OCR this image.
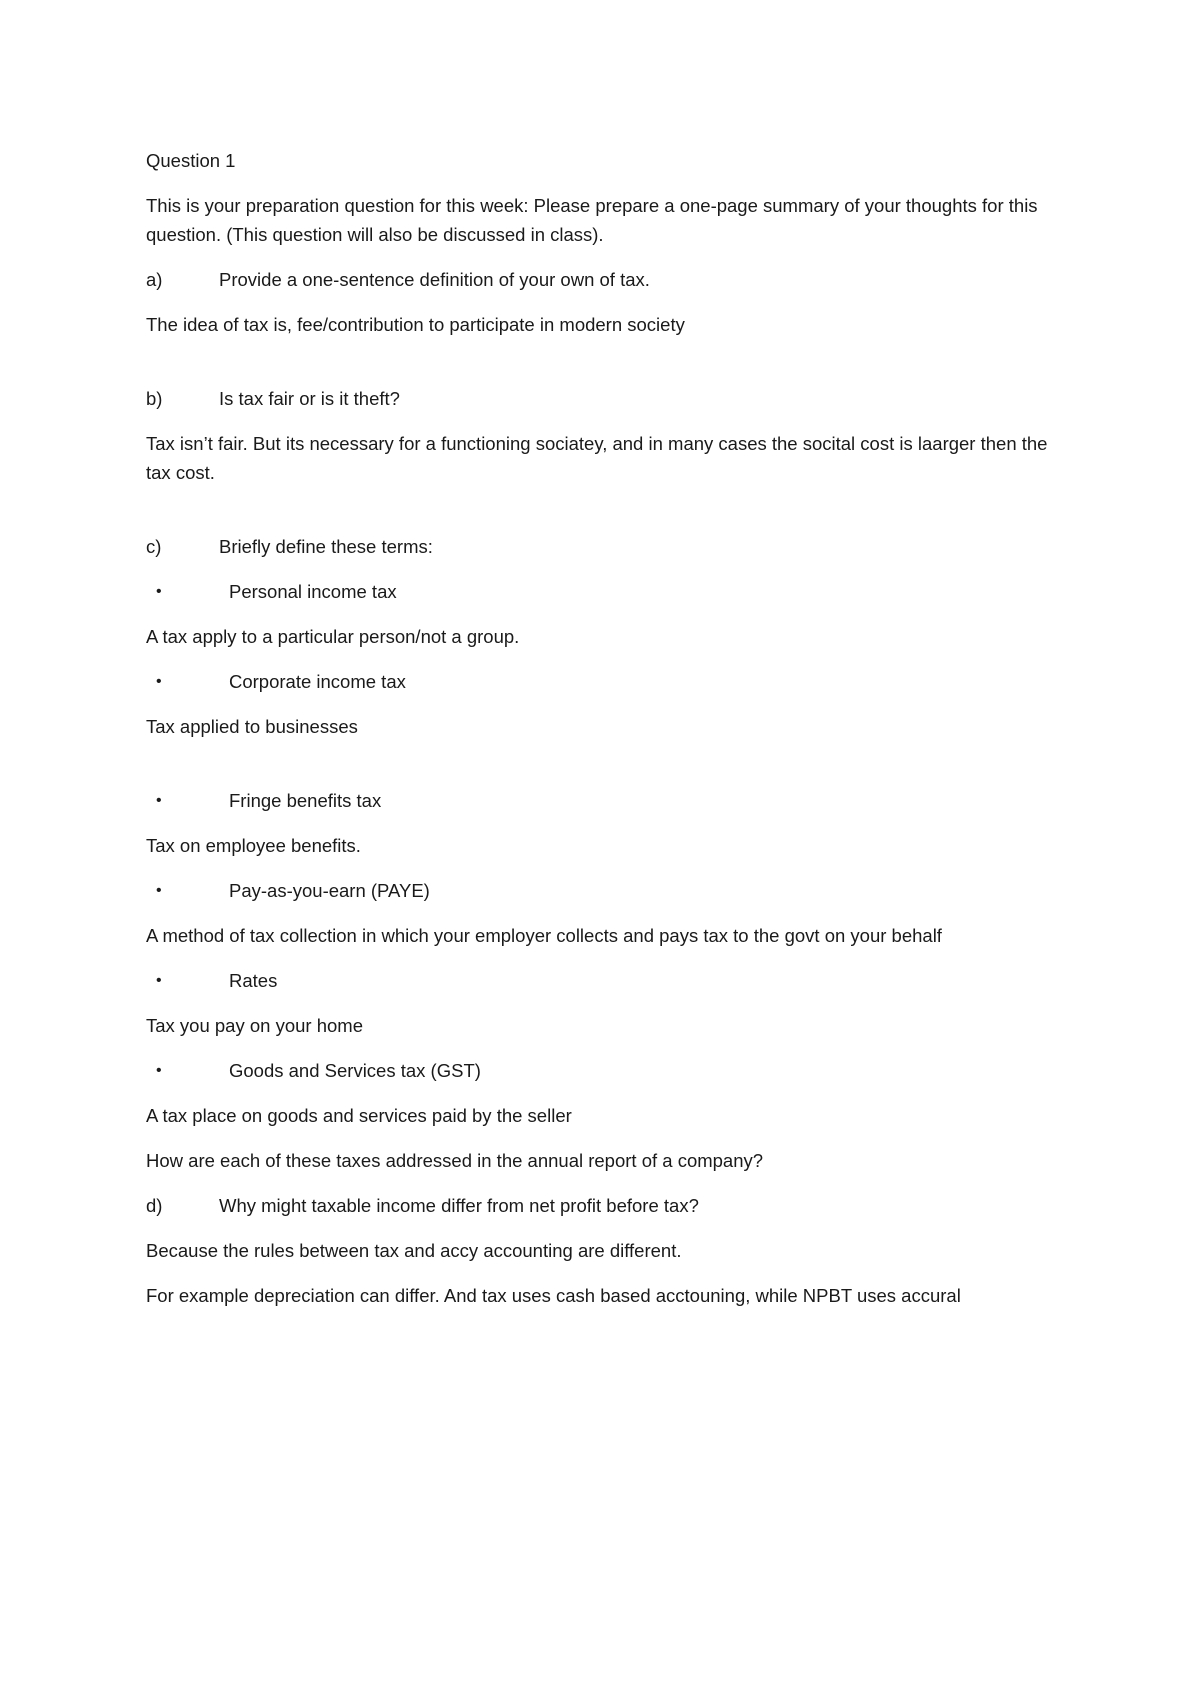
Question 1

This is your preparation question for this week: Please prepare a one-page summary of your thoughts for this question. (This question will also be discussed in class).

a)	Provide a one-sentence definition of your own of tax.

The idea of tax is, fee/contribution to participate in modern society

b)	Is tax fair or is it theft?

Tax isn’t fair. But its necessary for a functioning sociatey, and in many cases the socital cost is laarger then the tax cost.

c)	Briefly define these terms:
•	Personal income tax

A tax apply to a particular person/not a group.

•	Corporate income tax

Tax applied to businesses

•	Fringe benefits tax

Tax on employee benefits.

•	Pay-as-you-earn (PAYE)

A method of tax collection in which your employer collects and pays tax to the govt on your behalf

•	Rates

Tax you pay on your home

•	Goods and Services tax (GST)

A tax place on goods and services paid by the seller

How are each of these taxes addressed in the annual report of a company?

d)	Why might taxable income differ from net profit before tax?

Because the rules between tax and accy accounting are different.

For example depreciation can differ. And tax uses cash based acctouning, while NPBT uses accural
